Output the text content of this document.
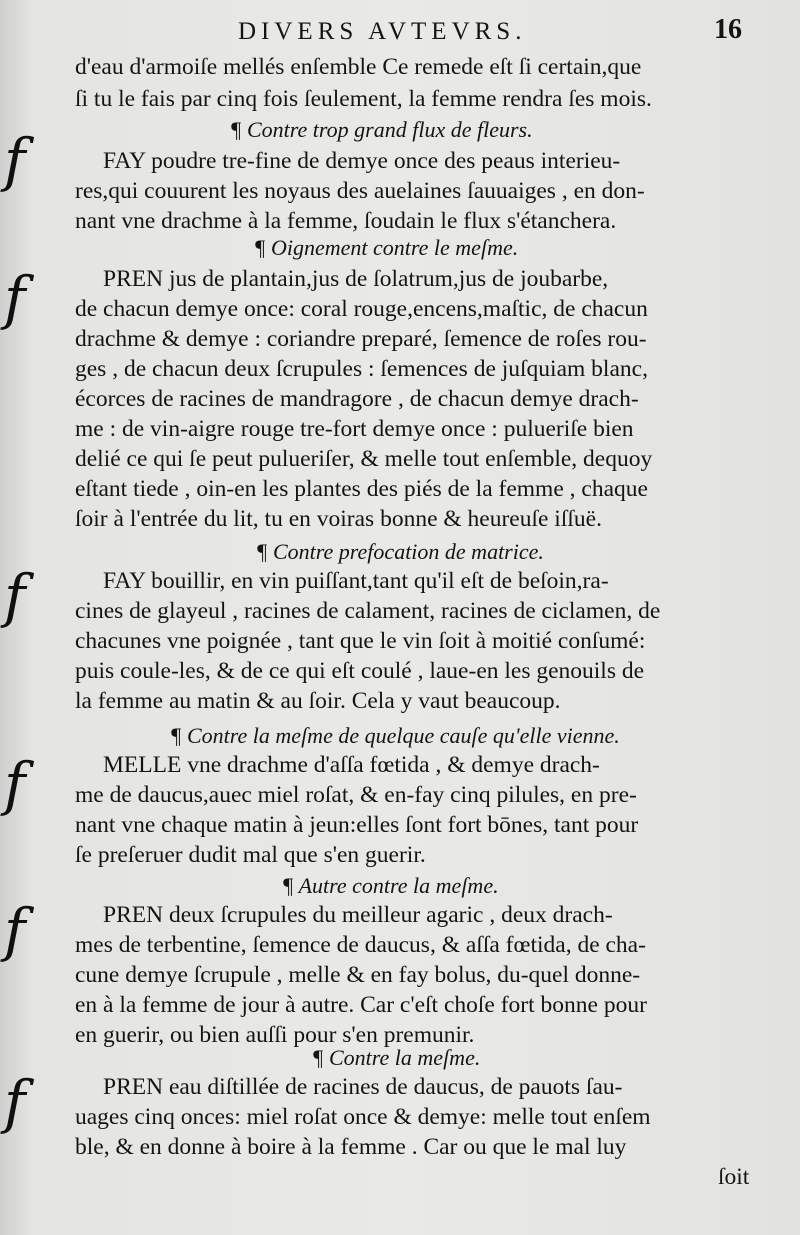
DIVERS AVTEVRS.	16
d'eau d'armoiſe mellés enſemble Ce remede eſt ſi certain,que
ſi tu le fais par cinq fois ſeulement, la femme rendra ſes mois.
¶ Contre trop grand flux de fleurs.
FAY poudre tre-fine de demye once des peaus interieu-
res,qui couurent les noyaus des auelaines ſauuaiges , en don-
nant vne drachme à la femme, ſoudain le flux s'étanchera.
¶ Oignement contre le meſme.
PREN jus de plantain,jus de ſolatrum,jus de joubarbe,
de chacun demye once: coral rouge,encens,maſtic, de chacun
drachme & demye : coriandre preparé, ſemence de roſes rou-
ges , de chacun deux ſcrupules : ſemences de juſquiam blanc,
écorces de racines de mandragore , de chacun demye drach-
me : de vin-aigre rouge tre-fort demye once : pulueriſe bien
delié ce qui ſe peut pulueriſer, & melle tout enſemble, dequoy
eſtant tiede , oin-en les plantes des piés de la femme , chaque
ſoir à l'entrée du lit, tu en voiras bonne & heureuſe iſſuë.
¶ Contre prefocation de matrice.
FAY bouillir, en vin puiſſant,tant qu'il eſt de beſoin,ra-
cines de glayeul , racines de calament, racines de ciclamen, de
chacunes vne poignée , tant que le vin ſoit à moitié conſumé:
puis coule-les, & de ce qui eſt coulé , laue-en les genouils de
la femme au matin & au ſoir. Cela y vaut beaucoup.
¶ Contre la meſme de quelque cauſe qu'elle vienne.
MELLE vne drachme d'aſſa fœtida , & demye drach-
me de daucus,auec miel roſat, & en-fay cinq pilules, en pre-
nant vne chaque matin à jeun:elles ſont fort bōnes, tant pour
ſe preſeruer dudit mal que s'en guerir.
¶ Autre contre la meſme.
PREN deux ſcrupules du meilleur agaric , deux drach-
mes de terbentine, ſemence de daucus, & aſſa fœtida, de cha-
cune demye ſcrupule , melle & en fay bolus, du-quel donne-
en à la femme de jour à autre. Car c'eſt choſe fort bonne pour
en guerir, ou bien auſſi pour s'en premunir.
¶ Contre la meſme.
PREN eau diſtillée de racines de daucus, de pauots ſau-
uages cinq onces: miel roſat once & demye: melle tout enſem
ble, & en donne à boire à la femme . Car ou que le mal luy
ſoit
f
f
f
f
f
f
